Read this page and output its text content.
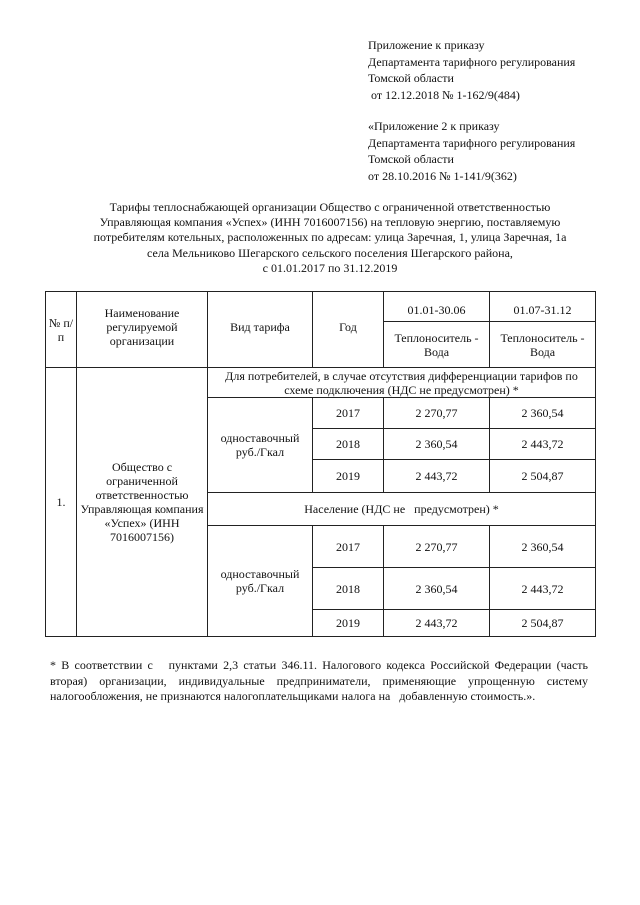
Приложение к приказу
Департамента тарифного регулирования
Томской области
от 12.12.2018 № 1-162/9(484)
«Приложение 2 к приказу
Департамента тарифного регулирования
Томской области
от 28.10.2016 № 1-141/9(362)
Тарифы теплоснабжающей организации Общество с ограниченной ответственностью
Управляющая компания «Успех» (ИНН 7016007156) на тепловую энергию, поставляемую
потребителям котельных, расположенных по адресам: улица Заречная, 1, улица Заречная, 1а
села Мельниково Шегарского сельского поселения Шегарского района,
с 01.01.2017 по 31.12.2019
№ п/п	Наименование регулируемой организации	Вид тарифа	Год	01.01-30.06	01.07-31.12
				Теплоноситель - Вода	Теплоноситель - Вода
1.	Общество с ограниченной ответственностью Управляющая компания «Успех» (ИНН 7016007156)	Для потребителей, в случае отсутствия дифференциации тарифов по схеме подключения (НДС не предусмотрен) *			
		одноставочный руб./Гкал	2017	2 270,77	2 360,54
			2018	2 360,54	2 443,72
			2019	2 443,72	2 504,87
		Население (НДС не   предусмотрен) *			
		одноставочный руб./Гкал	2017	2 270,77	2 360,54
			2018	2 360,54	2 443,72
			2019	2 443,72	2 504,87
* В соответствии с   пунктами 2,3 статьи 346.11. Налогового кодекса Российской Федерации (часть   вторая) организации, индивидуальные предприниматели, применяющие упрощенную систему налогообложения, не признаются налогоплательщиками налога на   добавленную стоимость.».
